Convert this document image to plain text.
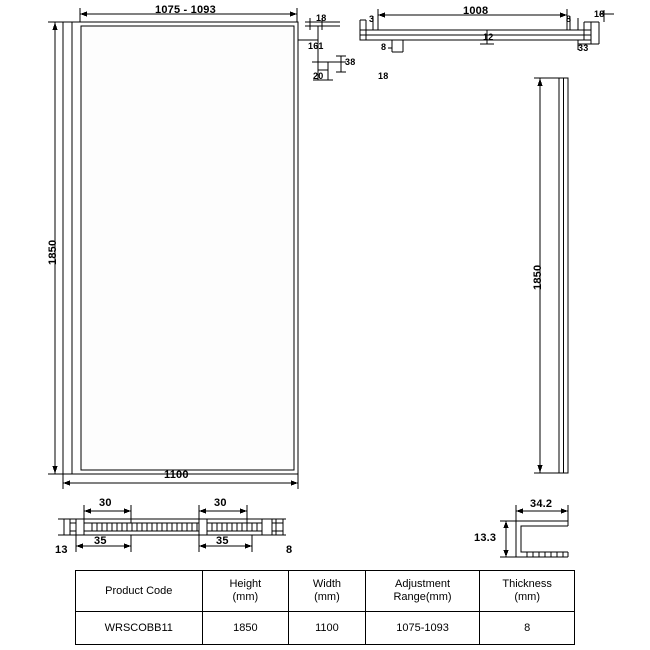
1075 - 1093
1850
1100
18
161
20
38
18
3
1008
8	18
12
8	33
1850
30	30
35	35
13	8
34.2
13.3
Product Code

Height
(mm)

Width
(mm)

Adjustment
Range(mm)

Thickness
(mm)

WRSCOBB11	1850	1100	1075-1093	8
